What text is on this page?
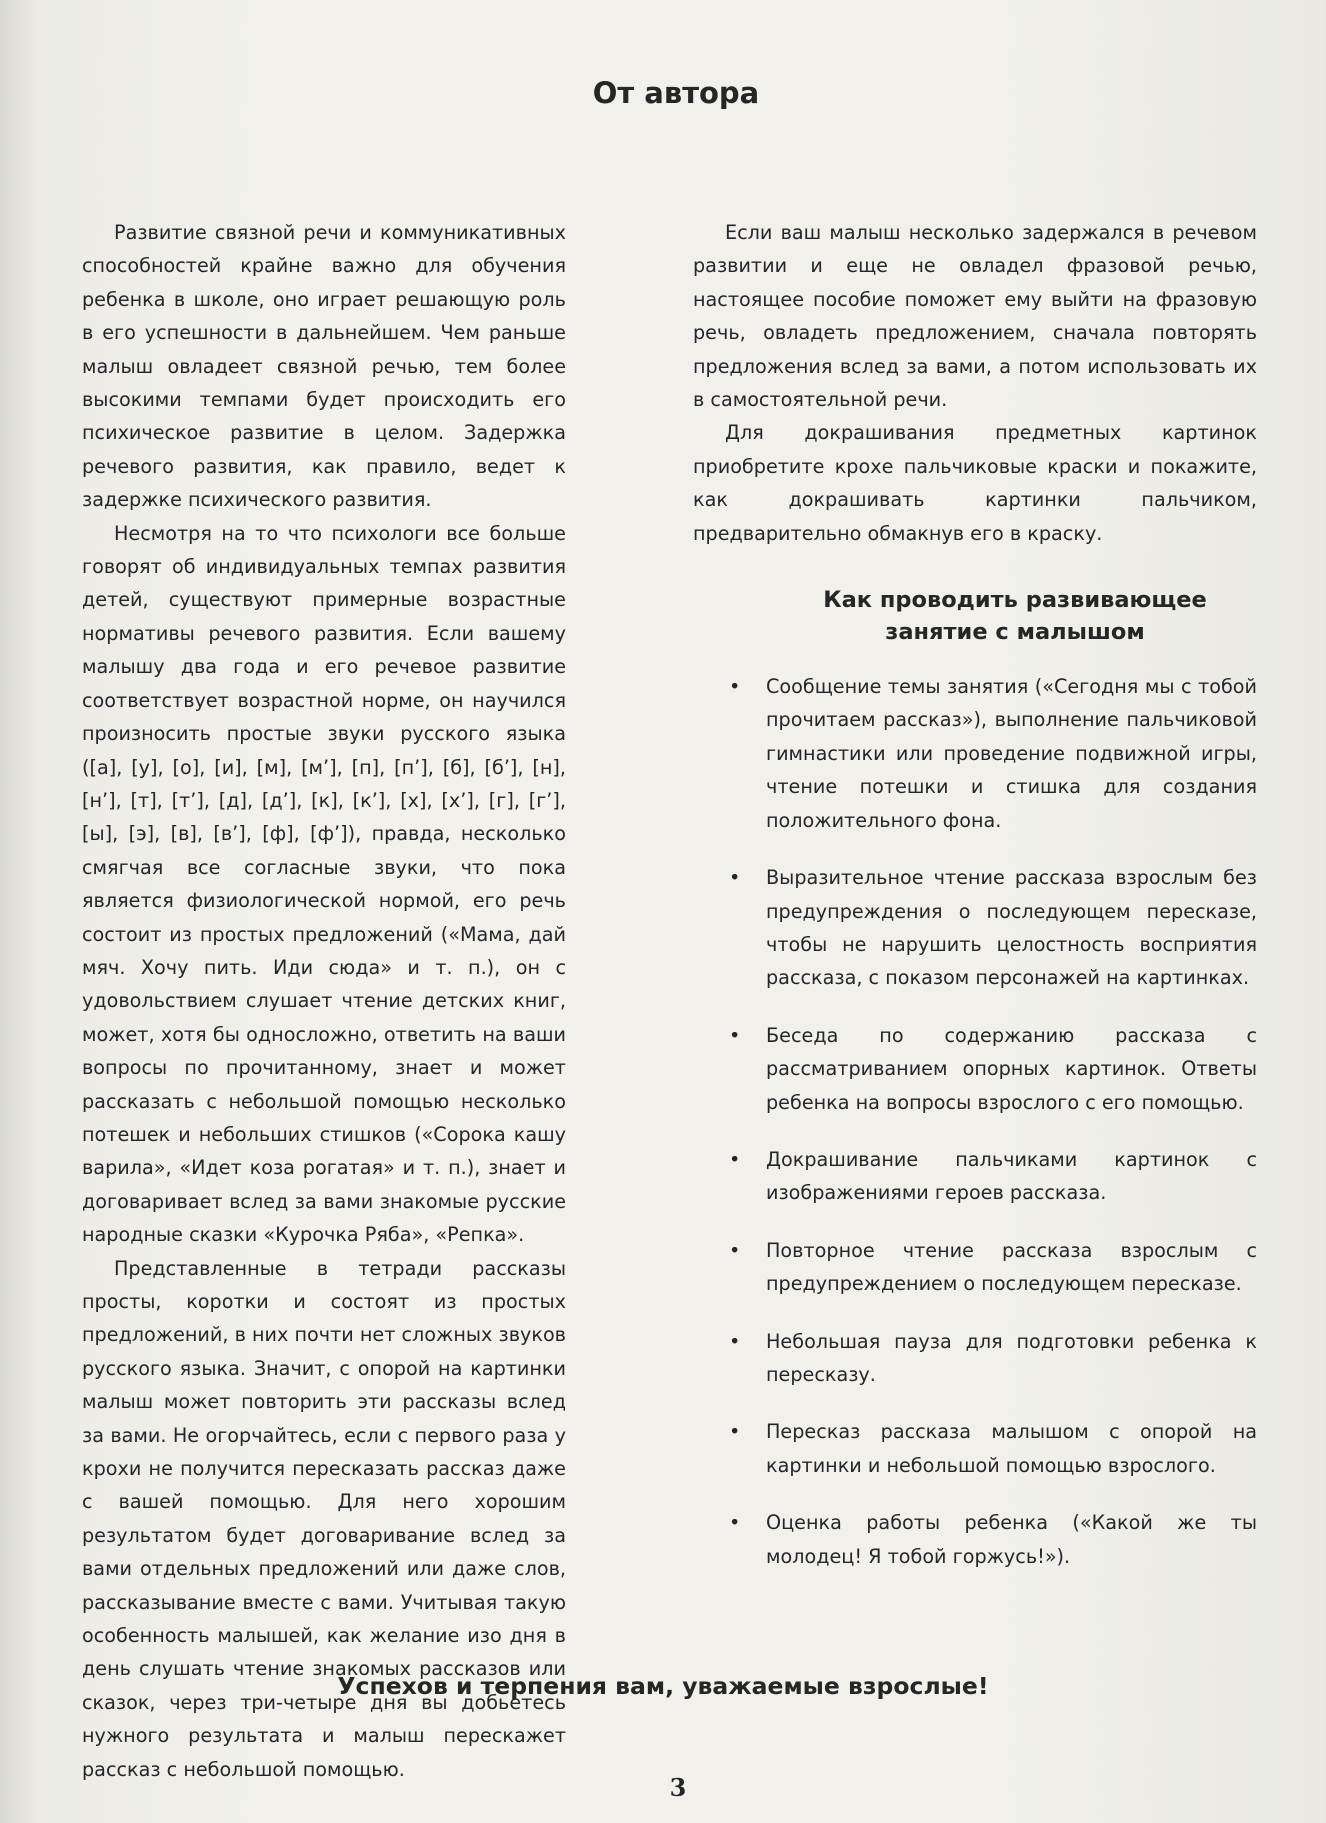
От автора

Развитие связной речи и коммуникативных способностей крайне важно для обучения ребенка в школе, оно играет решающую роль в его успешности в дальнейшем. Чем раньше малыш овладеет связной речью, тем более высокими темпами будет происходить его психическое развитие в целом. Задержка речевого развития, как правило, ведет к задержке психического развития.

Несмотря на то что психологи все больше говорят об индивидуальных темпах развития детей, существуют примерные возрастные нормативы речевого развития. Если вашему малышу два года и его речевое развитие соответствует возрастной норме, он научился произносить простые звуки русского языка ([а], [у], [о], [и], [м], [м’], [п], [п’], [б], [б’], [н], [н’], [т], [т’], [д], [д’], [к], [к’], [х], [х’], [г], [г’], [ы], [э], [в], [в’], [ф], [ф’]), правда, несколько смягчая все согласные звуки, что пока является физиологической нормой, его речь состоит из простых предложений («Мама, дай мяч. Хочу пить. Иди сюда» и т. п.), он с удовольствием слушает чтение детских книг, может, хотя бы односложно, ответить на ваши вопросы по прочитанному, знает и может рассказать с небольшой помощью несколько потешек и небольших стишков («Сорока кашу варила», «Идет коза рогатая» и т. п.), знает и договаривает вслед за вами знакомые русские народные сказки «Курочка Ряба», «Репка».

Представленные в тетради рассказы просты, коротки и состоят из простых предложений, в них почти нет сложных звуков русского языка. Значит, с опорой на картинки малыш может повторить эти рассказы вслед за вами. Не огорчайтесь, если с первого раза у крохи не получится пересказать рассказ даже с вашей помощью. Для него хорошим результатом будет договаривание вслед за вами отдельных предложений или даже слов, рассказывание вместе с вами. Учитывая такую особенность малышей, как желание изо дня в день слушать чтение знакомых рассказов или сказок, через три-четыре дня вы добьетесь нужного результата и малыш перескажет рассказ с небольшой помощью.

Если ваш малыш несколько задержался в речевом развитии и еще не овладел фразовой речью, настоящее пособие поможет ему выйти на фразовую речь, овладеть предложением, сначала повторять предложения вслед за вами, а потом использовать их в самостоятельной речи.

Для докрашивания предметных картинок приобретите крохе пальчиковые краски и покажите, как докрашивать картинки пальчиком, предварительно обмакнув его в краску.

Как проводить развивающее занятие с малышом
• Сообщение темы занятия («Сегодня мы с тобой прочитаем рассказ»), выполнение пальчиковой гимнастики или проведение подвижной игры, чтение потешки и стишка для создания положительного фона.
• Выразительное чтение рассказа взрослым без предупреждения о последующем пересказе, чтобы не нарушить целостность восприятия рассказа, с показом персонажей на картинках.
• Беседа по содержанию рассказа с рассматриванием опорных картинок. Ответы ребенка на вопросы взрослого с его помощью.
• Докрашивание пальчиками картинок с изображениями героев рассказа.
• Повторное чтение рассказа взрослым с предупреждением о последующем пересказе.
• Небольшая пауза для подготовки ребенка к пересказу.
• Пересказ рассказа малышом с опорой на картинки и небольшой помощью взрослого.
• Оценка работы ребенка («Какой же ты молодец! Я тобой горжусь!»).
Успехов и терпения вам, уважаемые взрослые!
3
